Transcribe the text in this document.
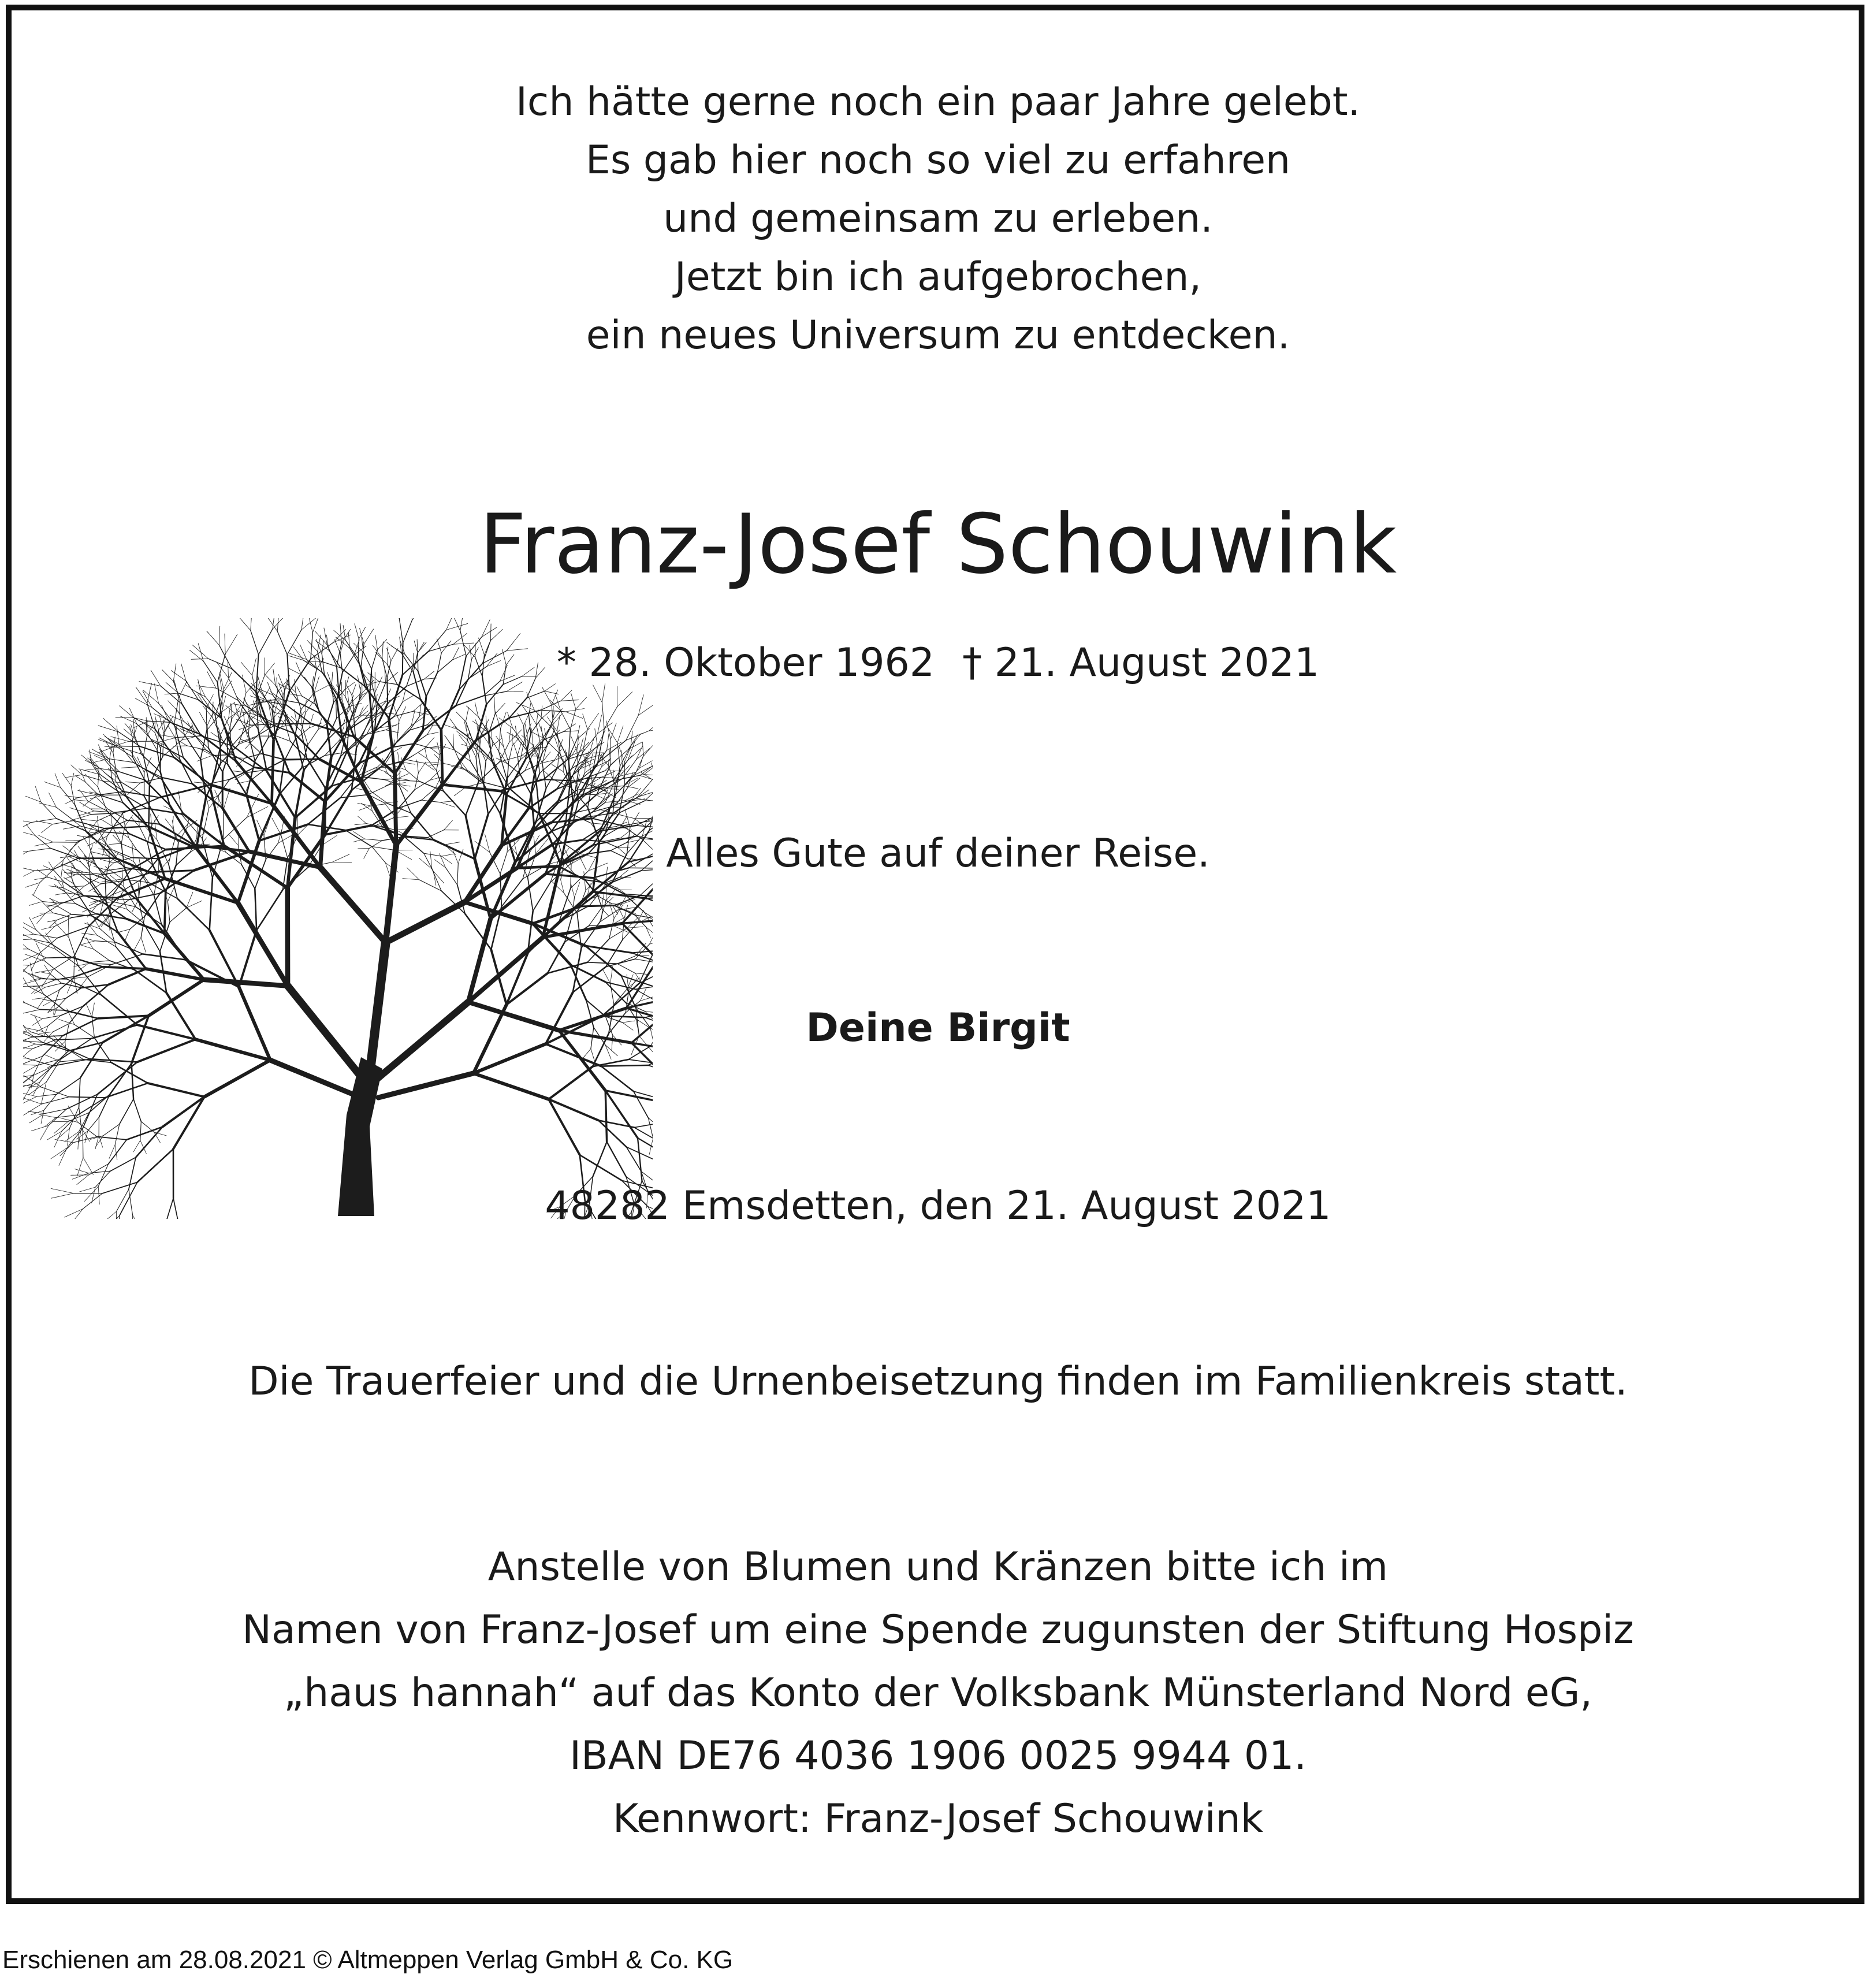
Ich hätte gerne noch ein paar Jahre gelebt.
Es gab hier noch so viel zu erfahren
und gemeinsam zu erleben.
Jetzt bin ich aufgebrochen,
ein neues Universum zu entdecken.
Franz-Josef Schouwink
* 28. Oktober 1962 † 21. August 2021
Alles Gute auf deiner Reise.
Deine Birgit
48282 Emsdetten, den 21. August 2021
Die Trauerfeier und die Urnenbeisetzung finden im Familienkreis statt.
Anstelle von Blumen und Kränzen bitte ich im
Namen von Franz-Josef um eine Spende zugunsten der Stiftung Hospiz
„haus hannah“ auf das Konto der Volksbank Münsterland Nord eG,
IBAN DE76 4036 1906 0025 9944 01.
Kennwort: Franz-Josef Schouwink
Erschienen am 28.08.2021 © Altmeppen Verlag GmbH & Co. KG
